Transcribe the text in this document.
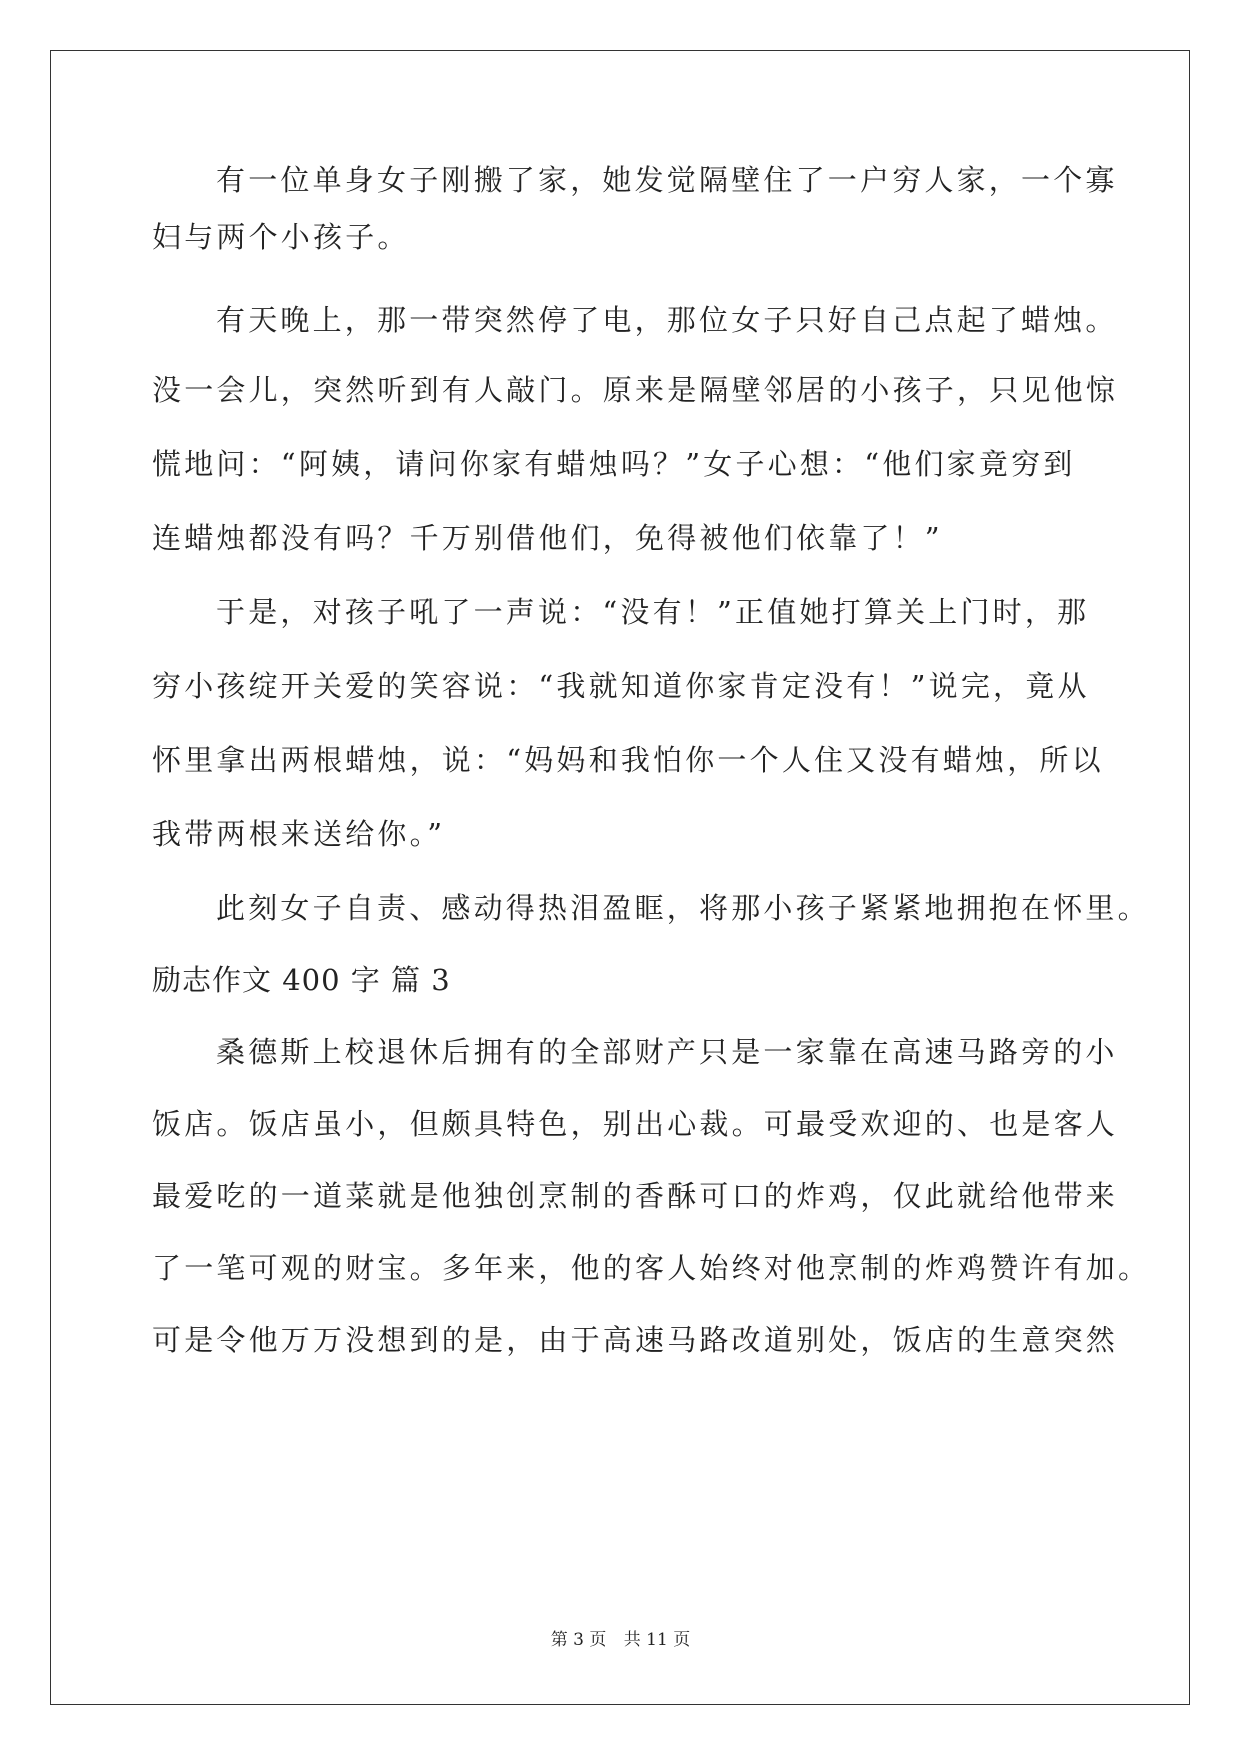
有一位单身女子刚搬了家，她发觉隔壁住了一户穷人家，一个寡
妇与两个小孩子。
有天晚上，那一带突然停了电，那位女子只好自己点起了蜡烛。
没一会儿，突然听到有人敲门。原来是隔壁邻居的小孩子，只见他惊
慌地问：“阿姨，请问你家有蜡烛吗？”女子心想：“他们家竟穷到
连蜡烛都没有吗？千万别借他们，免得被他们依靠了！”
于是，对孩子吼了一声说：“没有！”正值她打算关上门时，那
穷小孩绽开关爱的笑容说：“我就知道你家肯定没有！”说完，竟从
怀里拿出两根蜡烛，说：“妈妈和我怕你一个人住又没有蜡烛，所以
我带两根来送给你。”
此刻女子自责、感动得热泪盈眶，将那小孩子紧紧地拥抱在怀里。
励志作文 400 字 篇 3
桑德斯上校退休后拥有的全部财产只是一家靠在高速马路旁的小
饭店。饭店虽小，但颇具特色，别出心裁。可最受欢迎的、也是客人
最爱吃的一道菜就是他独创烹制的香酥可口的炸鸡，仅此就给他带来
了一笔可观的财宝。多年来，他的客人始终对他烹制的炸鸡赞许有加。
可是令他万万没想到的是，由于高速马路改道别处，饭店的生意突然
第 3 页 共 11 页
